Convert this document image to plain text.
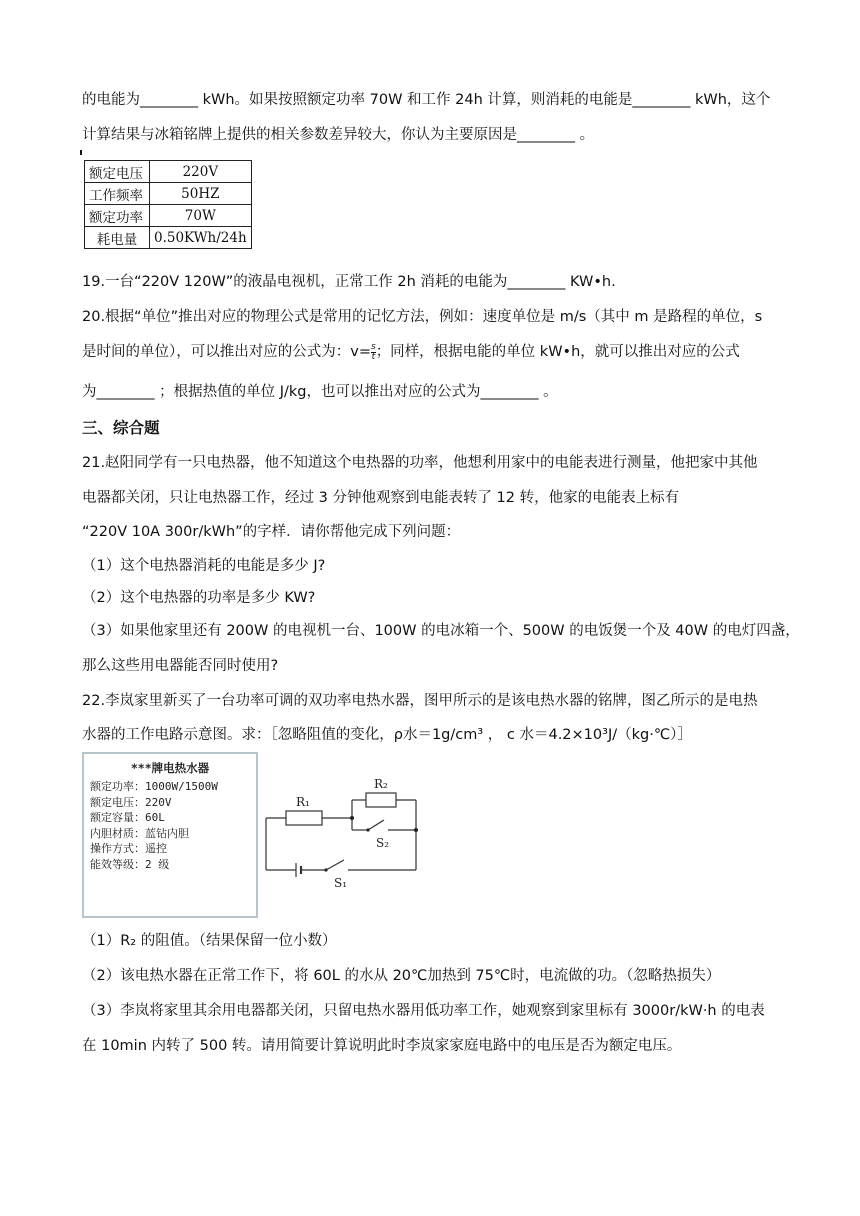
的电能为________ kWh。如果按照额定功率 70W 和工作 24h 计算，则消耗的电能是________ kWh，这个
计算结果与冰箱铭牌上提供的相关参数差异较大，你认为主要原因是________ 。
额定电压	220V
工作频率	50HZ
额定功率	70W
耗电量	0.50KWh/24h
19.一台“220V 120W”的液晶电视机，正常工作 2h 消耗的电能为________ KW•h.
20.根据“单位”推出对应的物理公式是常用的记忆方法，例如：速度单位是 m/s（其中 m 是路程的单位，s
是时间的单位），可以推出对应的公式为：$v= \frac{s}{t}$ ；同样，根据电能的单位 kW•h，就可以推出对应的公式
为________ ；根据热值的单位 J/kg，也可以推出对应的公式为________ 。
三、综合题
21.赵阳同学有一只电热器，他不知道这个电热器的功率，他想利用家中的电能表进行测量，他把家中其他
电器都关闭，只让电热器工作，经过 3 分钟他观察到电能表转了 12 转，他家的电能表上标有
“220V 10A 300r/kWh”的字样．请你帮他完成下列问题：
（1）这个电热器消耗的电能是多少 J?
（2）这个电热器的功率是多少 KW?
（3）如果他家里还有 200W 的电视机一台、100W 的电冰箱一个、500W 的电饭煲一个及 40W 的电灯四盏，
那么这些用电器能否同时使用?
22.李岚家里新买了一台功率可调的双功率电热水器，图甲所示的是该电热水器的铭牌，图乙所示的是电热
水器的工作电路示意图。求：［忽略阻值的变化，ρ水＝1g/cm³ ， c 水＝4.2×10³J/（kg·℃）］
***牌电热水器
额定功率：1000W/1500W
额定电压：220V
额定容量：60L
内胆材质：蓝钻内胆
操作方式：遥控
能效等级：2 级
R₁
R₂
S₂
S₁
（1）R₂ 的阻值。（结果保留一位小数）
（2）该电热水器在正常工作下，将 60L 的水从 20℃加热到 75℃时，电流做的功。（忽略热损失）
（3）李岚将家里其余用电器都关闭，只留电热水器用低功率工作，她观察到家里标有 3000r/kW·h 的电表
在 10min 内转了 500 转。请用简要计算说明此时李岚家家庭电路中的电压是否为额定电压。
